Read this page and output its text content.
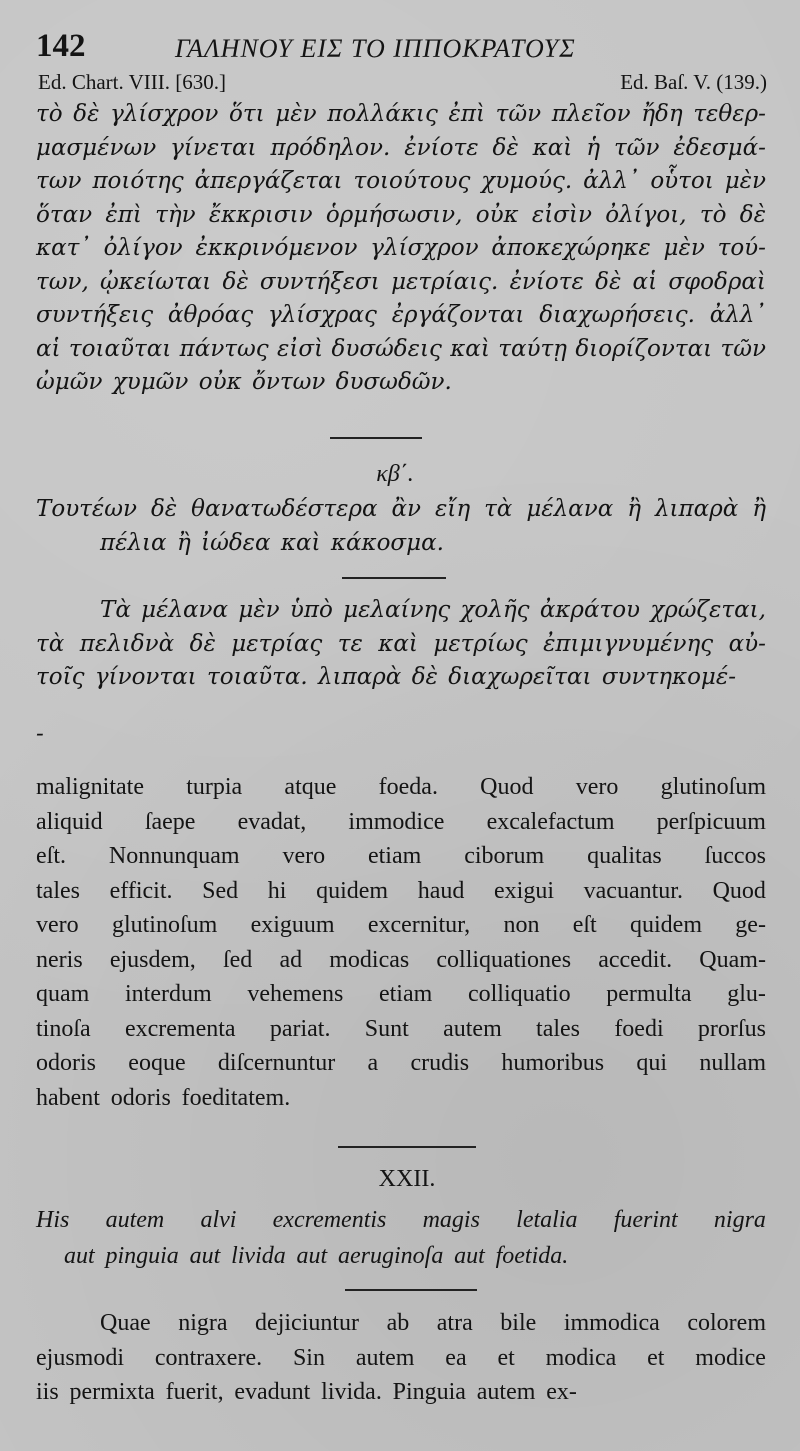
142	ΓΑΛΗΝΟΥ ΕΙΣ ΤΟ ΙΠΠΟΚΡΑΤΟΥΣ
Ed. Chart. VIII. [630.]	Ed. Baſ. V. (139.)
τὸ δὲ γλίσχρον ὅτι μὲν πολλάκις ἐπὶ τῶν πλεῖον ἤδη τεθερ-
μασμένων γίνεται πρόδηλον. ἐνίοτε δὲ καὶ ἡ τῶν ἐδεσμά-
των ποιότης ἀπεργάζεται τοιούτους χυμούς. ἀλλ᾽ οὗτοι μὲν
ὅταν ἐπὶ τὴν ἔκκρισιν ὁρμήσωσιν, οὐκ εἰσὶν ὀλίγοι, τὸ δὲ
κατ᾽ ὀλίγον ἐκκρινόμενον γλίσχρον ἀποκεχώρηκε μὲν τού-
των, ᾠκείωται δὲ συντήξεσι μετρίαις. ἐνίοτε δὲ αἱ σφοδραὶ
συντήξεις ἀθρόας γλίσχρας ἐργάζονται διαχωρήσεις. ἀλλ᾽
αἱ τοιαῦται πάντως εἰσὶ δυσώδεις καὶ ταύτῃ διορίζονται τῶν
ὠμῶν χυμῶν οὐκ ὄντων δυσωδῶν.
κβ΄.
Τουτέων δὲ θανατωδέστερα ἂν εἴη τὰ μέλανα ἢ λιπαρὰ ἢ
πέλια ἢ ἰώδεα καὶ κάκοσμα.
Τὰ μέλανα μὲν ὑπὸ μελαίνης χολῆς ἀκράτου χρώζεται,
τὰ πελιδνὰ δὲ μετρίας τε καὶ μετρίως ἐπιμιγνυμένης αὐ-
τοῖς γίνονται τοιαῦτα. λιπαρὰ δὲ διαχωρεῖται συντηκομέ-
-
malignitate turpia atque foeda. Quod vero glutinoſum
aliquid ſaepe evadat, immodice excalefactum perſpicuum
eſt. Nonnunquam vero etiam ciborum qualitas ſuccos
tales efficit. Sed hi quidem haud exigui vacuantur. Quod
vero glutinoſum exiguum excernitur, non eſt quidem ge-
neris ejusdem, ſed ad modicas colliquationes accedit. Quam-
quam interdum vehemens etiam colliquatio permulta glu-
tinoſa excrementa pariat. Sunt autem tales foedi prorſus
odoris eoque diſcernuntur a crudis humoribus qui nullam
habent odoris foeditatem.
XXII.
His autem alvi excrementis magis letalia fuerint nigra
aut pinguia aut livida aut aeruginoſa aut foetida.
Quae nigra dejiciuntur ab atra bile immodica colorem
ejusmodi contraxere. Sin autem ea et modica et modice
iis permixta fuerit, evadunt livida. Pinguia autem ex-
